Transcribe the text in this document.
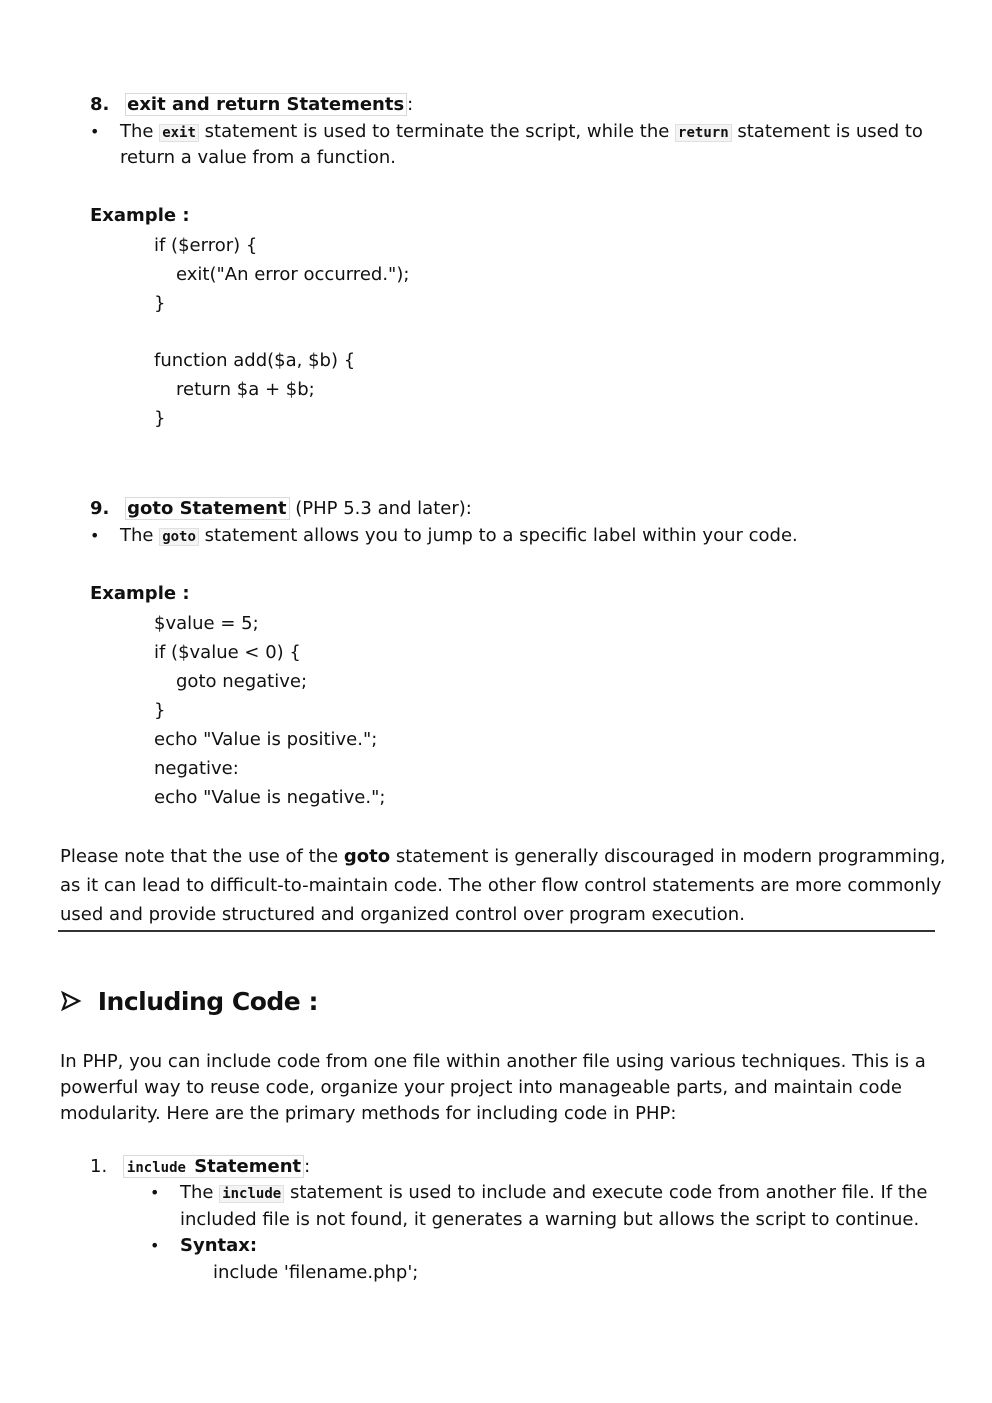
8. exit and return Statements :
• The exit statement is used to terminate the script, while the return statement is used to
return a value from a function.
Example :
if ($error) {
exit("An error occurred.");
}
function add($a, $b) {
return $a + $b;
}
9. goto Statement (PHP 5.3 and later):
• The goto statement allows you to jump to a specific label within your code.
Example :
$value = 5;
if ($value < 0) {
goto negative;
}
echo "Value is positive.";
negative:
echo "Value is negative.";
Please note that the use of the goto statement is generally discouraged in modern programming,
as it can lead to difficult-to-maintain code. The other flow control statements are more commonly
used and provide structured and organized control over program execution.
Including Code :
In PHP, you can include code from one file within another file using various techniques. This is a
powerful way to reuse code, organize your project into manageable parts, and maintain code
modularity. Here are the primary methods for including code in PHP:
1. include Statement :
• The include statement is used to include and execute code from another file. If the
included file is not found, it generates a warning but allows the script to continue.
• Syntax:
include 'filename.php';
